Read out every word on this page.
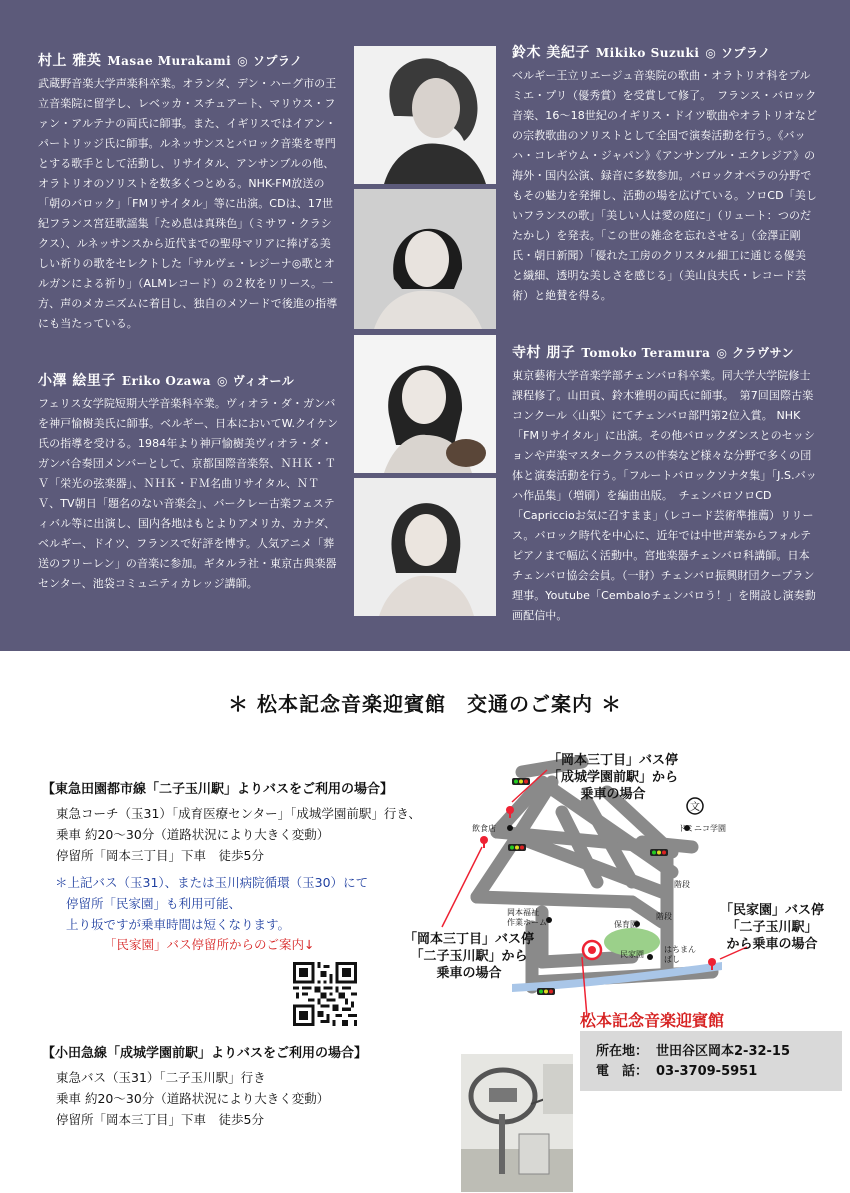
村上 雅英 Masae Murakami ◎ ソプラノ
武蔵野音楽大学声楽科卒業。オランダ、デン・ハーグ市の王立音楽院に留学し、レベッカ・スチュアート、マリウス・ファン・アルテナの両氏に師事。また、イギリスではイアン・パートリッジ氏に師事。ルネッサンスとバロック音楽を専門とする歌手として活動し、リサイタル、アンサンブルの他、オラトリオのソリストを数多くつとめる。NHK-FM放送の「朝のバロック」「FMリサイタル」等に出演。CDは、17世紀フランス宮廷歌謡集「ため息は真珠色」（ミサワ・クラシクス）、ルネッサンスから近代までの聖母マリアに捧げる美しい祈りの歌をセレクトした「サルヴェ・レジーナ◎歌とオルガンによる祈り」（ALMレコード）の２枚をリリース。一方、声のメカニズムに着目し、独自のメソードで後進の指導にも当たっている。
小澤 絵里子 Eriko Ozawa ◎ ヴィオール
フェリス女学院短期大学音楽科卒業。ヴィオラ・ダ・ガンバを神戸愉樹美氏に師事。ベルギー、日本においてW.クイケン氏の指導を受ける。1984年より神戸愉樹美ヴィオラ・ダ・ガンバ合奏団メンバーとして、京都国際音楽祭、ＮＨＫ・ＴＶ「栄光の弦楽器」、ＮＨＫ・ＦＭ名曲リサイタル、ＮＴＶ、TV朝日「題名のない音楽会」、バークレー古楽フェスティバル等に出演し、国内各地はもとよりアメリカ、カナダ、ベルギー、ドイツ、フランスで好評を博す。人気アニメ「葬送のフリーレン」の音楽に参加。ギタルラ社・東京古典楽器センター、池袋コミュニティカレッジ講師。
鈴木 美紀子 Mikiko Suzuki ◎ ソプラノ
ベルギー王立リエージュ音楽院の歌曲・オラトリオ科をプルミエ・プリ（優秀賞）を受賞して修了。　フランス・バロック音楽、16～18世紀のイギリス・ドイツ歌曲やオラトリオなどの宗教歌曲のソリストとして全国で演奏活動を行う。《バッハ・コレギウム・ジャパン》《アンサンブル・エクレジア》の海外・国内公演、録音に多数参加。バロックオペラの分野でもその魅力を発揮し、活動の場を広げている。ソロCD「美しいフランスの歌」「美しい人は愛の庭に」（リュート：つのだたかし）を発表。「この世の雑念を忘れさせる」（金澤正剛氏・朝日新聞）「優れた工房のクリスタル細工に通じる優美と繊細、透明な美しさを感じる」（美山良夫氏・レコード芸術）と絶賛を得る。
寺村 朋子 Tomoko Teramura ◎ クラヴサン
東京藝術大学音楽学部チェンバロ科卒業。同大学大学院修士課程修了。山田貢、鈴木雅明の両氏に師事。　第7回国際古楽コンクール〈山梨〉にてチェンバロ部門第2位入賞。 NHK「FMリサイタル」に出演。その他バロックダンスとのセッションや声楽マスタークラスの伴奏など様々な分野で多くの団体と演奏活動を行う。「フルートバロックソナタ集」「J.S.バッハ作品集」（増刷）を編曲出版。　チェンバロソロCD「Capriccioお気に召すまま」（レコード芸術準推薦）リリース。バロック時代を中心に、近年では中世声楽からフォルテピアノまで幅広く活動中。宮地楽器チェンバロ科講師。日本チェンバロ協会会員。（一財）チェンバロ振興財団クープラン理事。Youtube「Cembaloチェンバロう！」を開設し演奏動画配信中。
＊ 松本記念音楽迎賓館　交通のご案内 ＊
【東急田園都市線「二子玉川駅」よりバスをご利用の場合】
東急コーチ（玉31）「成育医療センター」「成城学園前駅」行き、
乗車 約20～30分（道路状況により大きく変動）
停留所「岡本三丁目」下車　徒歩5分
＊上記バス（玉31）、または玉川病院循環（玉30）にて
停留所「民家園」も利用可能、
上り坂ですが乗車時間は短くなります。
「民家園」バス停留所からのご案内↓
【小田急線「成城学園前駅」よりバスをご利用の場合】
東急バス（玉31）「二子玉川駅」行き
乗車 約20～30分（道路状況により大きく変動）
停留所「岡本三丁目」下車　徒歩5分
文
飲食店	ドミニコ学園
階段
階段
岡本福祉
作業ホーム	保育園
民家園
はちまん
ばし
「岡本三丁目」バス停
「成城学園前駅」から
乗車の場合
「岡本三丁目」バス停
「二子玉川駅」から
乗車の場合
「民家園」バス停
「二子玉川駅」
から乗車の場合
松本記念音楽迎賓館
所在地： 世田谷区岡本2-32-15
電　話： 03-3709-5951
